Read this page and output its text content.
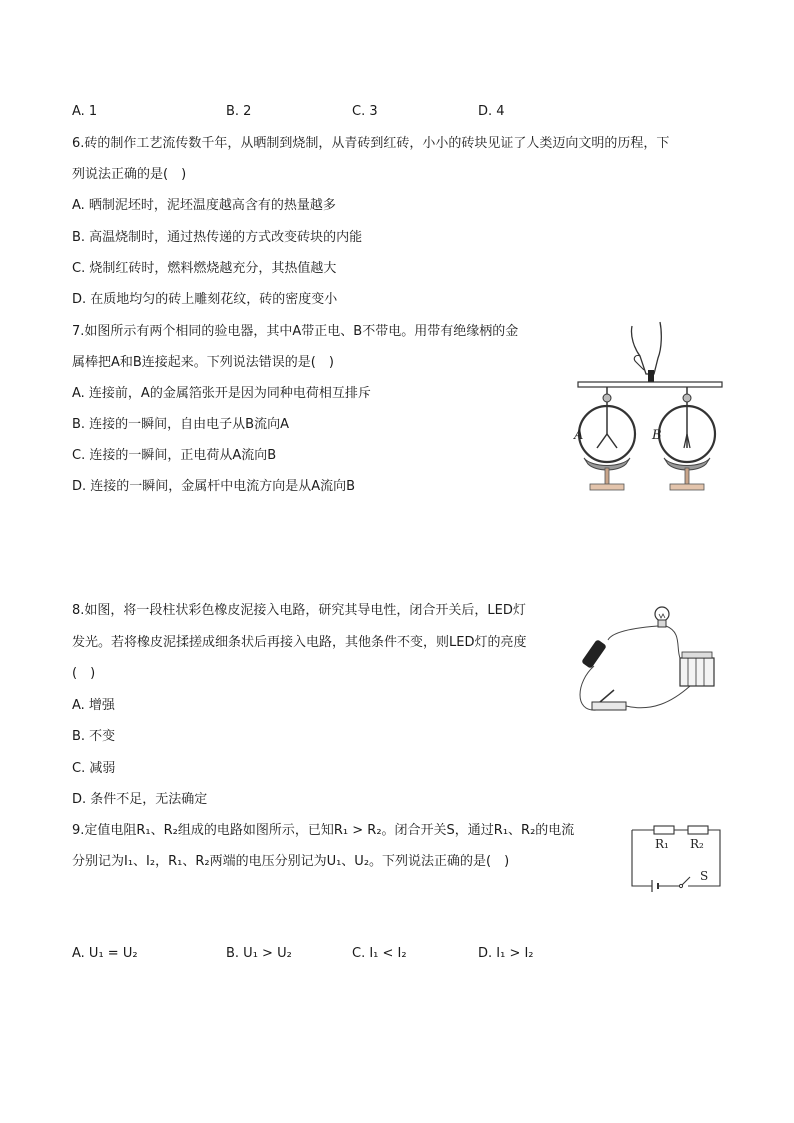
A. 1	B. 2	C. 3	D. 4
6.砖的制作工艺流传数千年，从晒制到烧制，从青砖到红砖，小小的砖块见证了人类迈向文明的历程，下
列说法正确的是(　)
A. 晒制泥坯时，泥坯温度越高含有的热量越多
B. 高温烧制时，通过热传递的方式改变砖块的内能
C. 烧制红砖时，燃料燃烧越充分，其热值越大
D. 在质地均匀的砖上雕刻花纹，砖的密度变小
7.如图所示有两个相同的验电器，其中A带正电、B不带电。用带有绝缘柄的金
属棒把A和B连接起来。下列说法错误的是(　)
A. 连接前，A的金属箔张开是因为同种电荷相互排斥
B. 连接的一瞬间，自由电子从B流向A
C. 连接的一瞬间，正电荷从A流向B
D. 连接的一瞬间，金属杆中电流方向是从A流向B
A	B
8.如图，将一段柱状彩色橡皮泥接入电路，研究其导电性，闭合开关后，LED灯
发光。若将橡皮泥揉搓成细条状后再接入电路，其他条件不变，则LED灯的亮度
(　)
A. 增强
B. 不变
C. 减弱
D. 条件不足，无法确定
9.定值电阻R₁、R₂组成的电路如图所示，已知R₁ > R₂。闭合开关S，通过R₁、R₂的电流
分别记为I₁、I₂，R₁、R₂两端的电压分别记为U₁、U₂。下列说法正确的是(　)
R₁ R₂
S
A. U₁ = U₂	B. U₁ > U₂	C. I₁ < I₂	D. I₁ > I₂
